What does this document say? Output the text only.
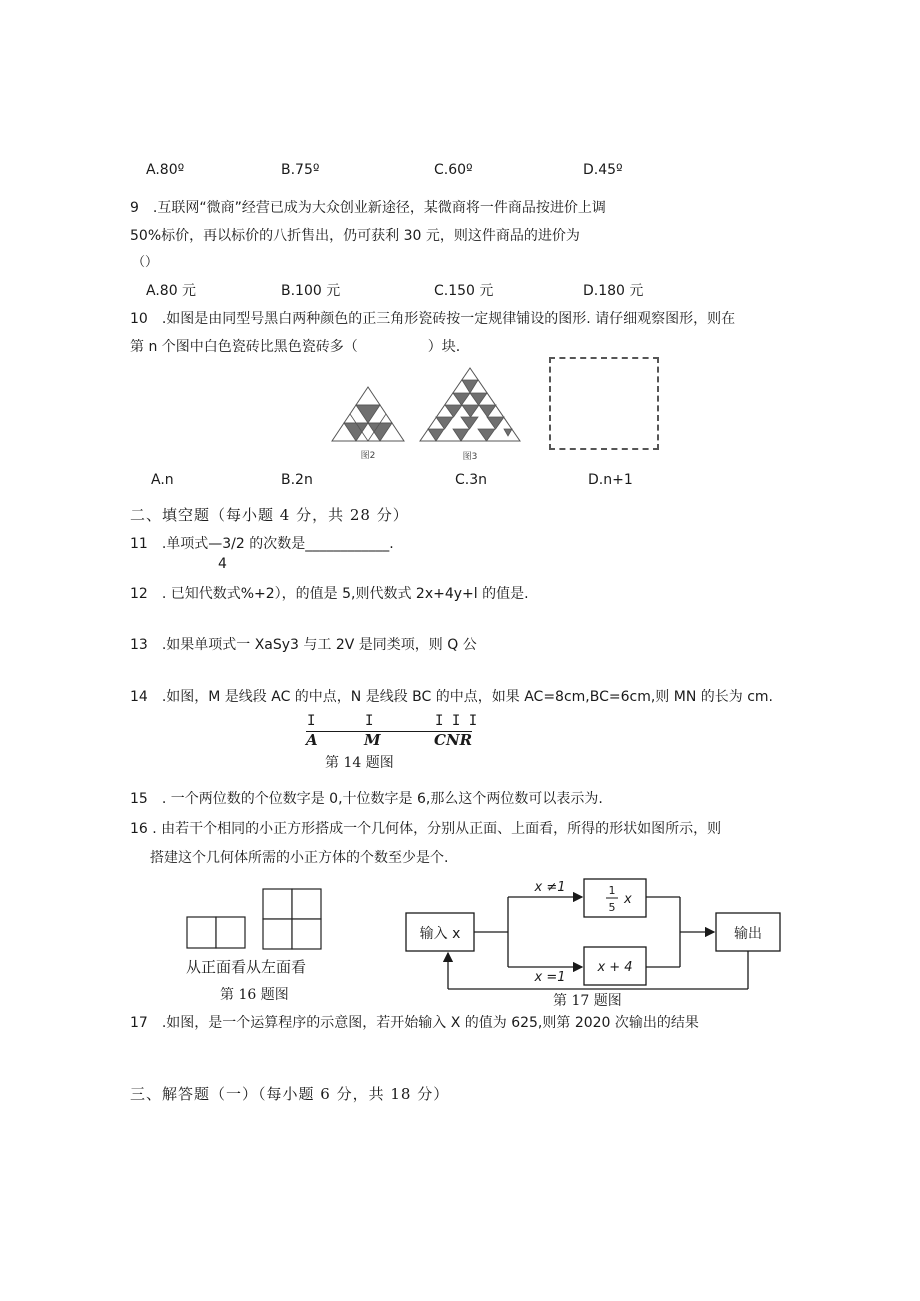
A.80º	B.75º	C.60º	D.45º
9　.互联网“微商”经营已成为大众创业新途径，某微商将一件商品按进价上调
50%标价，再以标价的八折售出，仍可获利 30 元，则这件商品的进价为
（）
A.80 元	B.100 元	C.150 元	D.180 元
10　.如图是由同型号黑白两种颜色的正三角形瓷砖按一定规律铺设的图形. 请仔细观察图形，则在
第 n 个图中白色瓷砖比黑色瓷砖多（　　　　　）块.
图2	图3
A.n	B.2n	C.3n	D.n+1
二、填空题（每小题 4 分，共 28 分）
11　.单项式—3/2 的次数是____________.
4
12　. 已知代数式%+2），的值是 5,则代数式 2x+4y+l 的值是.
13　.如果单项式一 XaSy3 与工 2V 是同类项，则 Q 公
14　.如图，M 是线段 AC 的中点，N 是线段 BC 的中点，如果 AC=8cm,BC=6cm,则 MN 的长为 cm.
I	I	I I I
A	M	CNR
第 14 题图
15　. 一个两位数的个位数字是 0,十位数字是 6,那么这个两位数可以表示为.
16 . 由若干个相同的小正方形搭成一个几何体，分别从正面、上面看，所得的形状如图所示，则
搭建这个几何体所需的小正方体的个数至少是个.
从正面看从左面看
第 16 题图
输入 x
x ≠1
x =1
1
5
x
x + 4
输出
第 17 题图
17　.如图，是一个运算程序的示意图，若开始输入 X 的值为 625,则第 2020 次输出的结果
三、解答题（一）（每小题 6 分，共 18 分）
